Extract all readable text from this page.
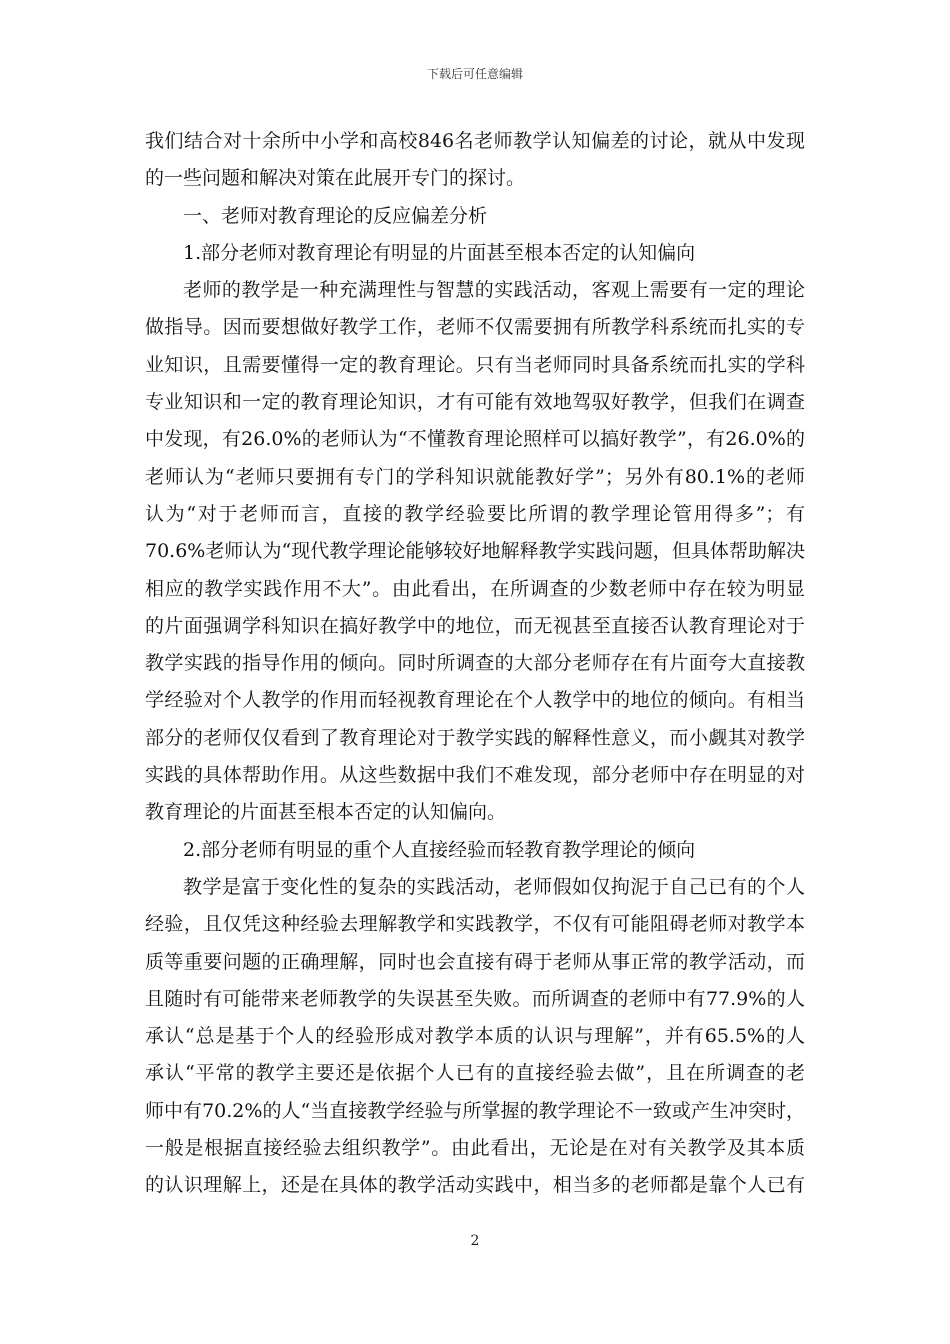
下载后可任意编辑
我们结合对十余所中小学和高校846名老师教学认知偏差的讨论，就从中发现
的一些问题和解决对策在此展开专门的探讨。
一、老师对教育理论的反应偏差分析
1.部分老师对教育理论有明显的片面甚至根本否定的认知偏向
老师的教学是一种充满理性与智慧的实践活动，客观上需要有一定的理论
做指导。因而要想做好教学工作，老师不仅需要拥有所教学科系统而扎实的专
业知识，且需要懂得一定的教育理论。只有当老师同时具备系统而扎实的学科
专业知识和一定的教育理论知识，才有可能有效地驾驭好教学，但我们在调查
中发现，有26.0%的老师认为“不懂教育理论照样可以搞好教学”，有26.0%的
老师认为“老师只要拥有专门的学科知识就能教好学”；另外有80.1%的老师
认为“对于老师而言，直接的教学经验要比所谓的教学理论管用得多”；有
70.6%老师认为“现代教学理论能够较好地解释教学实践问题，但具体帮助解决
相应的教学实践作用不大”。由此看出，在所调查的少数老师中存在较为明显
的片面强调学科知识在搞好教学中的地位，而无视甚至直接否认教育理论对于
教学实践的指导作用的倾向。同时所调查的大部分老师存在有片面夸大直接教
学经验对个人教学的作用而轻视教育理论在个人教学中的地位的倾向。有相当
部分的老师仅仅看到了教育理论对于教学实践的解释性意义，而小觑其对教学
实践的具体帮助作用。从这些数据中我们不难发现，部分老师中存在明显的对
教育理论的片面甚至根本否定的认知偏向。
2.部分老师有明显的重个人直接经验而轻教育教学理论的倾向
教学是富于变化性的复杂的实践活动，老师假如仅拘泥于自己已有的个人
经验，且仅凭这种经验去理解教学和实践教学，不仅有可能阻碍老师对教学本
质等重要问题的正确理解，同时也会直接有碍于老师从事正常的教学活动，而
且随时有可能带来老师教学的失误甚至失败。而所调查的老师中有77.9%的人
承认“总是基于个人的经验形成对教学本质的认识与理解”，并有65.5%的人
承认“平常的教学主要还是依据个人已有的直接经验去做”，且在所调查的老
师中有70.2%的人“当直接教学经验与所掌握的教学理论不一致或产生冲突时，
一般是根据直接经验去组织教学”。由此看出，无论是在对有关教学及其本质
的认识理解上，还是在具体的教学活动实践中，相当多的老师都是靠个人已有
2
